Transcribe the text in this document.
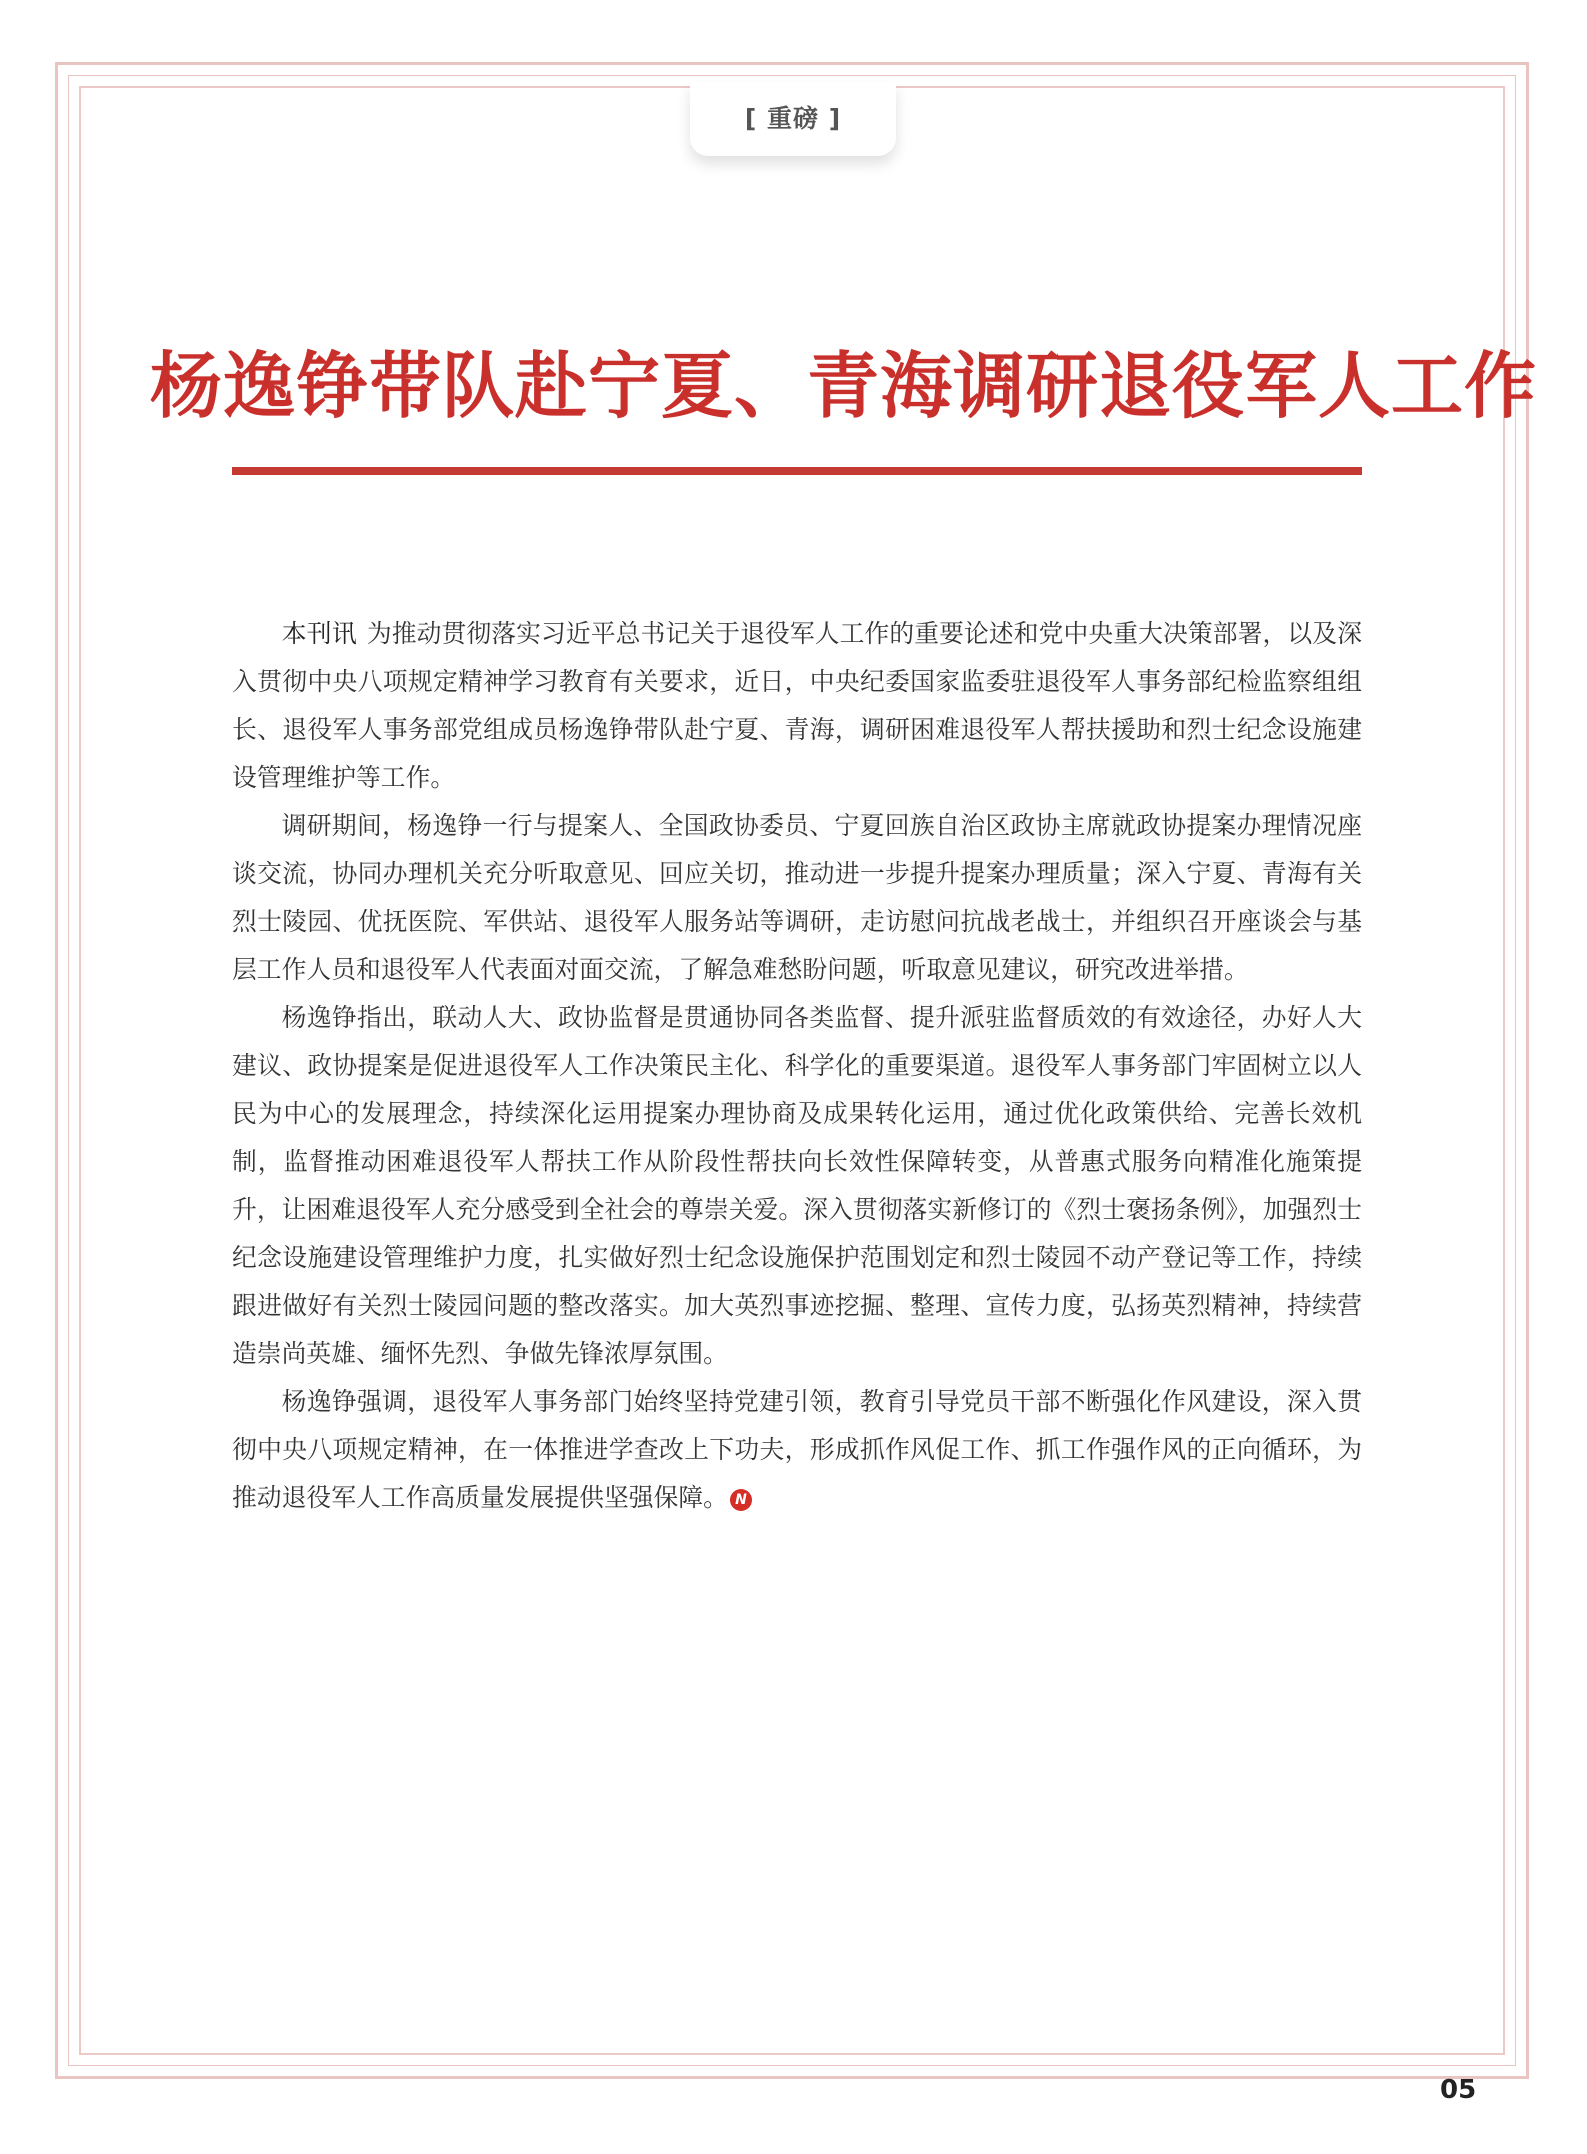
[ 重磅 ]
杨逸铮带队赴宁夏、青海调研退役军人工作

本刊讯 为推动贯彻落实习近平总书记关于退役军人工作的重要论述和党中央重大决策部署，以及深入贯彻中央八项规定精神学习教育有关要求，近日，中央纪委国家监委驻退役军人事务部纪检监察组组长、退役军人事务部党组成员杨逸铮带队赴宁夏、青海，调研困难退役军人帮扶援助和烈士纪念设施建设管理维护等工作。

调研期间，杨逸铮一行与提案人、全国政协委员、宁夏回族自治区政协主席就政协提案办理情况座谈交流，协同办理机关充分听取意见、回应关切，推动进一步提升提案办理质量；深入宁夏、青海有关烈士陵园、优抚医院、军供站、退役军人服务站等调研，走访慰问抗战老战士，并组织召开座谈会与基层工作人员和退役军人代表面对面交流，了解急难愁盼问题，听取意见建议，研究改进举措。

杨逸铮指出，联动人大、政协监督是贯通协同各类监督、提升派驻监督质效的有效途径，办好人大建议、政协提案是促进退役军人工作决策民主化、科学化的重要渠道。退役军人事务部门牢固树立以人民为中心的发展理念，持续深化运用提案办理协商及成果转化运用，通过优化政策供给、完善长效机制，监督推动困难退役军人帮扶工作从阶段性帮扶向长效性保障转变，从普惠式服务向精准化施策提升，让困难退役军人充分感受到全社会的尊崇关爱。深入贯彻落实新修订的《烈士褒扬条例》，加强烈士纪念设施建设管理维护力度，扎实做好烈士纪念设施保护范围划定和烈士陵园不动产登记等工作，持续跟进做好有关烈士陵园问题的整改落实。加大英烈事迹挖掘、整理、宣传力度，弘扬英烈精神，持续营造崇尚英雄、缅怀先烈、争做先锋浓厚氛围。

杨逸铮强调，退役军人事务部门始终坚持党建引领，教育引导党员干部不断强化作风建设，深入贯彻中央八项规定精神，在一体推进学查改上下功夫，形成抓作风促工作、抓工作强作风的正向循环，为推动退役军人工作高质量发展提供坚强保障。 N

05
